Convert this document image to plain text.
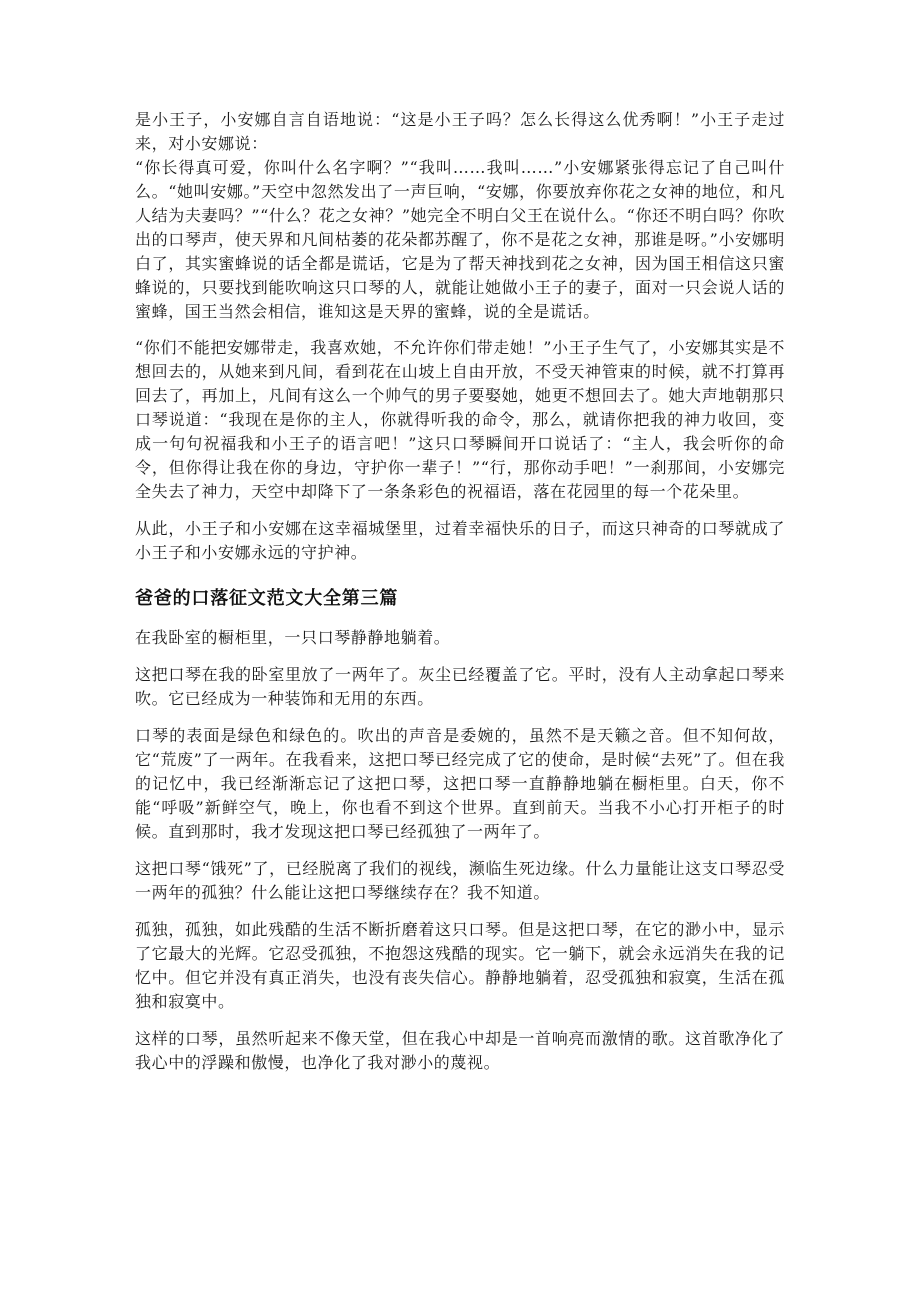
是小王子，小安娜自言自语地说：“这是小王子吗？怎么长得这么优秀啊！”小王子走过来，对小安娜说：
“你长得真可爱，你叫什么名字啊？”“我叫……我叫……”小安娜紧张得忘记了自己叫什么。“她叫安娜。”天空中忽然发出了一声巨响，“安娜，你要放弃你花之女神的地位，和凡人结为夫妻吗？”“什么？花之女神？”她完全不明白父王在说什么。“你还不明白吗？你吹出的口琴声，使天界和凡间枯萎的花朵都苏醒了，你不是花之女神，那谁是呀。”小安娜明白了，其实蜜蜂说的话全都是谎话，它是为了帮天神找到花之女神，因为国王相信这只蜜蜂说的，只要找到能吹响这只口琴的人，就能让她做小王子的妻子，面对一只会说人话的蜜蜂，国王当然会相信，谁知这是天界的蜜蜂，说的全是谎话。

“你们不能把安娜带走，我喜欢她，不允许你们带走她！”小王子生气了，小安娜其实是不想回去的，从她来到凡间，看到花在山坡上自由开放，不受天神管束的时候，就不打算再回去了，再加上，凡间有这么一个帅气的男子要娶她，她更不想回去了。她大声地朝那只口琴说道：“我现在是你的主人，你就得听我的命令，那么，就请你把我的神力收回，变成一句句祝福我和小王子的语言吧！”这只口琴瞬间开口说话了：“主人，我会听你的命令，但你得让我在你的身边，守护你一辈子！”“行，那你动手吧！”一刹那间，小安娜完全失去了神力，天空中却降下了一条条彩色的祝福语，落在花园里的每一个花朵里。

从此，小王子和小安娜在这幸福城堡里，过着幸福快乐的日子，而这只神奇的口琴就成了小王子和小安娜永远的守护神。

爸爸的口落征文范文大全第三篇

在我卧室的橱柜里，一只口琴静静地躺着。

这把口琴在我的卧室里放了一两年了。灰尘已经覆盖了它。平时，没有人主动拿起口琴来吹。它已经成为一种装饰和无用的东西。

口琴的表面是绿色和绿色的。吹出的声音是委婉的，虽然不是天籁之音。但不知何故，它“荒废”了一两年。在我看来，这把口琴已经完成了它的使命，是时候“去死”了。但在我的记忆中，我已经渐渐忘记了这把口琴，这把口琴一直静静地躺在橱柜里。白天，你不能“呼吸”新鲜空气，晚上，你也看不到这个世界。直到前天。当我不小心打开柜子的时候。直到那时，我才发现这把口琴已经孤独了一两年了。

这把口琴“饿死”了，已经脱离了我们的视线，濒临生死边缘。什么力量能让这支口琴忍受一两年的孤独？什么能让这把口琴继续存在？我不知道。

孤独，孤独，如此残酷的生活不断折磨着这只口琴。但是这把口琴，在它的渺小中，显示了它最大的光辉。它忍受孤独，不抱怨这残酷的现实。它一躺下，就会永远消失在我的记忆中。但它并没有真正消失，也没有丧失信心。静静地躺着，忍受孤独和寂寞，生活在孤独和寂寞中。

这样的口琴，虽然听起来不像天堂，但在我心中却是一首响亮而激情的歌。这首歌净化了我心中的浮躁和傲慢，也净化了我对渺小的蔑视。
